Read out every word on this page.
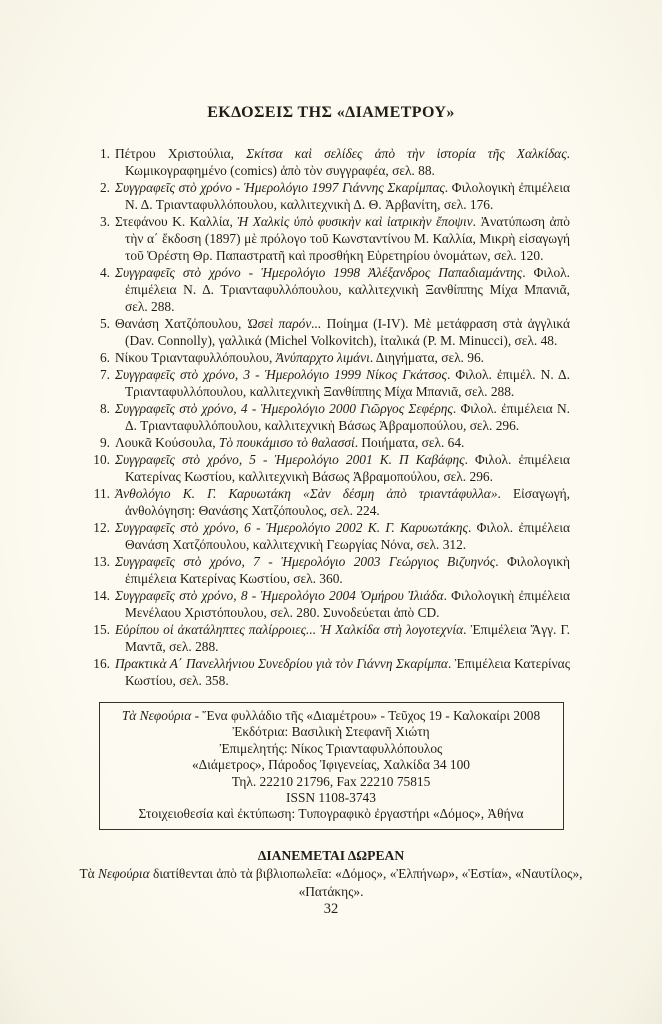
ΕΚΔΟΣΕΙΣ ΤΗΣ «ΔΙΑΜΕΤΡΟΥ»

1. Πέτρου Χριστούλια, Σκίτσα καὶ σελίδες ἀπὸ τὴν ἱστορία τῆς Χαλκίδας. Κωμικογραφημένο (comics) ἀπὸ τὸν συγγραφέα, σελ. 88.

2. Συγγραφεῖς στὸ χρόνο - Ἡμερολόγιο 1997 Γιάννης Σκαρίμπας. Φιλολογικὴ ἐπιμέλεια Ν. Δ. Τριανταφυλλόπουλου, καλλιτεχνικὴ Δ. Θ. Ἀρβανίτη, σελ. 176.

3. Στεφάνου Κ. Καλλία, Ἡ Χαλκὶς ὑπὸ φυσικὴν καὶ ἰατρικὴν ἔποψιν. Ἀνατύπωση ἀπὸ τὴν α΄ ἔκδοση (1897) μὲ πρόλογο τοῦ Κωνσταντίνου Μ. Καλλία, Μικρὴ εἰσαγωγή τοῦ Ὀρέστη Θρ. Παπαστρατῆ καὶ προσθήκη Εὑρετηρίου ὀνομάτων, σελ. 120.

4. Συγγραφεῖς στὸ χρόνο - Ἡμερολόγιο 1998 Ἀλέξανδρος Παπαδιαμάντης. Φιλολ. ἐπιμέλεια Ν. Δ. Τριανταφυλλόπουλου, καλλιτεχνικὴ Ξανθίππης Μίχα Μπανιᾶ, σελ. 288.

5. Θανάση Χατζόπουλου, Ὡσεὶ παρόν... Ποίημα (I-IV). Μὲ μετάφραση στὰ ἀγγλικά (Dav. Connolly), γαλλικά (Michel Volkovitch), ἰταλικά (P. M. Minucci), σελ. 48.

6. Νίκου Τριανταφυλλόπουλου, Ἀνύπαρχτο λιμάνι. Διηγήματα, σελ. 96.

7. Συγγραφεῖς στὸ χρόνο, 3 - Ἡμερολόγιο 1999 Νίκος Γκάτσος. Φιλολ. ἐπιμέλ. Ν. Δ. Τριανταφυλλόπουλου, καλλιτεχνικὴ Ξανθίππης Μίχα Μπανιᾶ, σελ. 288.

8. Συγγραφεῖς στὸ χρόνο, 4 - Ἡμερολόγιο 2000 Γιῶργος Σεφέρης. Φιλολ. ἐπιμέλεια Ν. Δ. Τριανταφυλλόπουλου, καλλιτεχνικὴ Βάσως Ἀβραμοπούλου, σελ. 296.

9. Λουκᾶ Κούσουλα, Τὸ πουκάμισο τὸ θαλασσί. Ποιήματα, σελ. 64.

10. Συγγραφεῖς στὸ χρόνο, 5 - Ἡμερολόγιο 2001 Κ. Π Καβάφης. Φιλολ. ἐπιμέλεια Κατερίνας Κωστίου, καλλιτεχνικὴ Βάσως Ἀβραμοπούλου, σελ. 296.

11. Ἀνθολόγιο Κ. Γ. Καρυωτάκη «Σὰν δέσμη ἀπὸ τριαντάφυλλα». Εἰσαγωγή, ἀνθολόγηση: Θανάσης Χατζόπουλος, σελ. 224.

12. Συγγραφεῖς στὸ χρόνο, 6 - Ἡμερολόγιο 2002 Κ. Γ. Καρυωτάκης. Φιλολ. ἐπιμέλεια Θανάση Χατζόπουλου, καλλιτεχνικὴ Γεωργίας Νόνα, σελ. 312.

13. Συγγραφεῖς στὸ χρόνο, 7 - Ἡμερολόγιο 2003 Γεώργιος Βιζυηνός. Φιλολογικὴ ἐπιμέλεια Κατερίνας Κωστίου, σελ. 360.

14. Συγγραφεῖς στὸ χρόνο, 8 - Ἡμερολόγιο 2004 Ὁμήρου Ἰλιάδα. Φιλολογικὴ ἐπιμέλεια Μενέλαου Χριστόπουλου, σελ. 280. Συνοδεύεται ἀπὸ CD.

15. Εὐρίπου οἱ ἀκατάληπτες παλίρροιες... Ἡ Χαλκίδα στὴ λογοτεχνία. Ἐπιμέλεια Ἄγγ. Γ. Μαντᾶ, σελ. 288.

16. Πρακτικὰ Α΄ Πανελλήνιου Συνεδρίου γιὰ τὸν Γιάννη Σκαρίμπα. Ἐπιμέλεια Κατερίνας Κωστίου, σελ. 358.

Τὰ Νεφούρια - Ἕνα φυλλάδιο τῆς «Διαμέτρου» - Τεῦχος 19 - Καλοκαίρι 2008

Ἐκδότρια: Βασιλικὴ Στεφανῆ Χιώτη

Ἐπιμελητής: Νίκος Τριανταφυλλόπουλος

«Διάμετρος», Πάροδος Ἰφιγενείας, Χαλκίδα 34 100

Τηλ. 22210 21796, Fax 22210 75815

ISSN 1108-3743

Στοιχειοθεσία καὶ ἐκτύπωση: Τυπογραφικὸ ἐργαστήρι «Δόμος», Ἀθήνα

ΔΙΑΝΕΜΕΤΑΙ ΔΩΡΕΑΝ

Τὰ Νεφούρια διατίθενται ἀπὸ τὰ βιβλιοπωλεῖα: «Δόμος», «Ἐλπήνωρ», «Ἑστία», «Ναυτίλος», «Πατάκης».

32
